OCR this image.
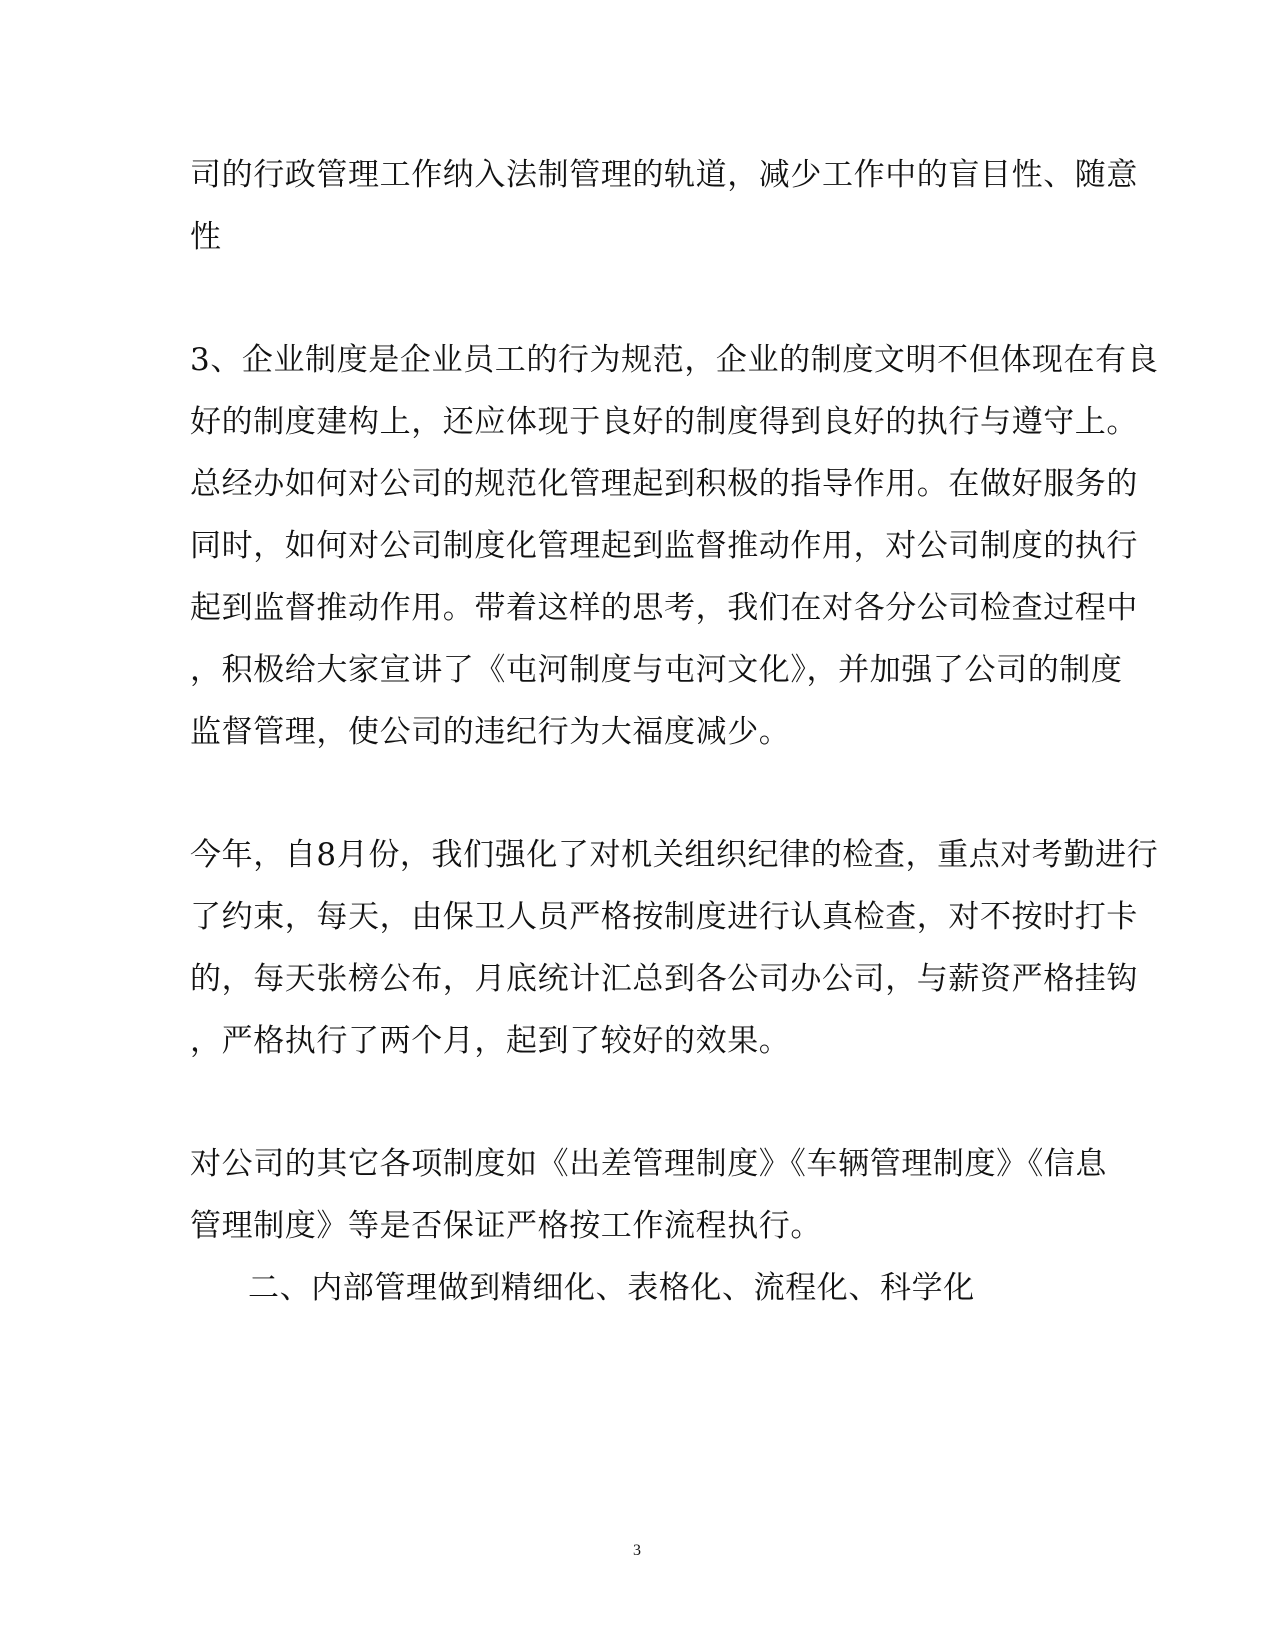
司的行政管理工作纳入法制管理的轨道，减少工作中的盲目性、随意
性
3、企业制度是企业员工的行为规范，企业的制度文明不但体现在有良
好的制度建构上，还应体现于良好的制度得到良好的执行与遵守上。
总经办如何对公司的规范化管理起到积极的指导作用。在做好服务的
同时，如何对公司制度化管理起到监督推动作用，对公司制度的执行
起到监督推动作用。带着这样的思考，我们在对各分公司检查过程中
，积极给大家宣讲了《屯河制度与屯河文化》，并加强了公司的制度
监督管理，使公司的违纪行为大福度减少。
今年，自8月份，我们强化了对机关组织纪律的检查，重点对考勤进行
了约束，每天，由保卫人员严格按制度进行认真检查，对不按时打卡
的，每天张榜公布，月底统计汇总到各公司办公司，与薪资严格挂钩
，严格执行了两个月，起到了较好的效果。
对公司的其它各项制度如《出差管理制度》《车辆管理制度》《信息
管理制度》等是否保证严格按工作流程执行。
二、内部管理做到精细化、表格化、流程化、科学化
3
